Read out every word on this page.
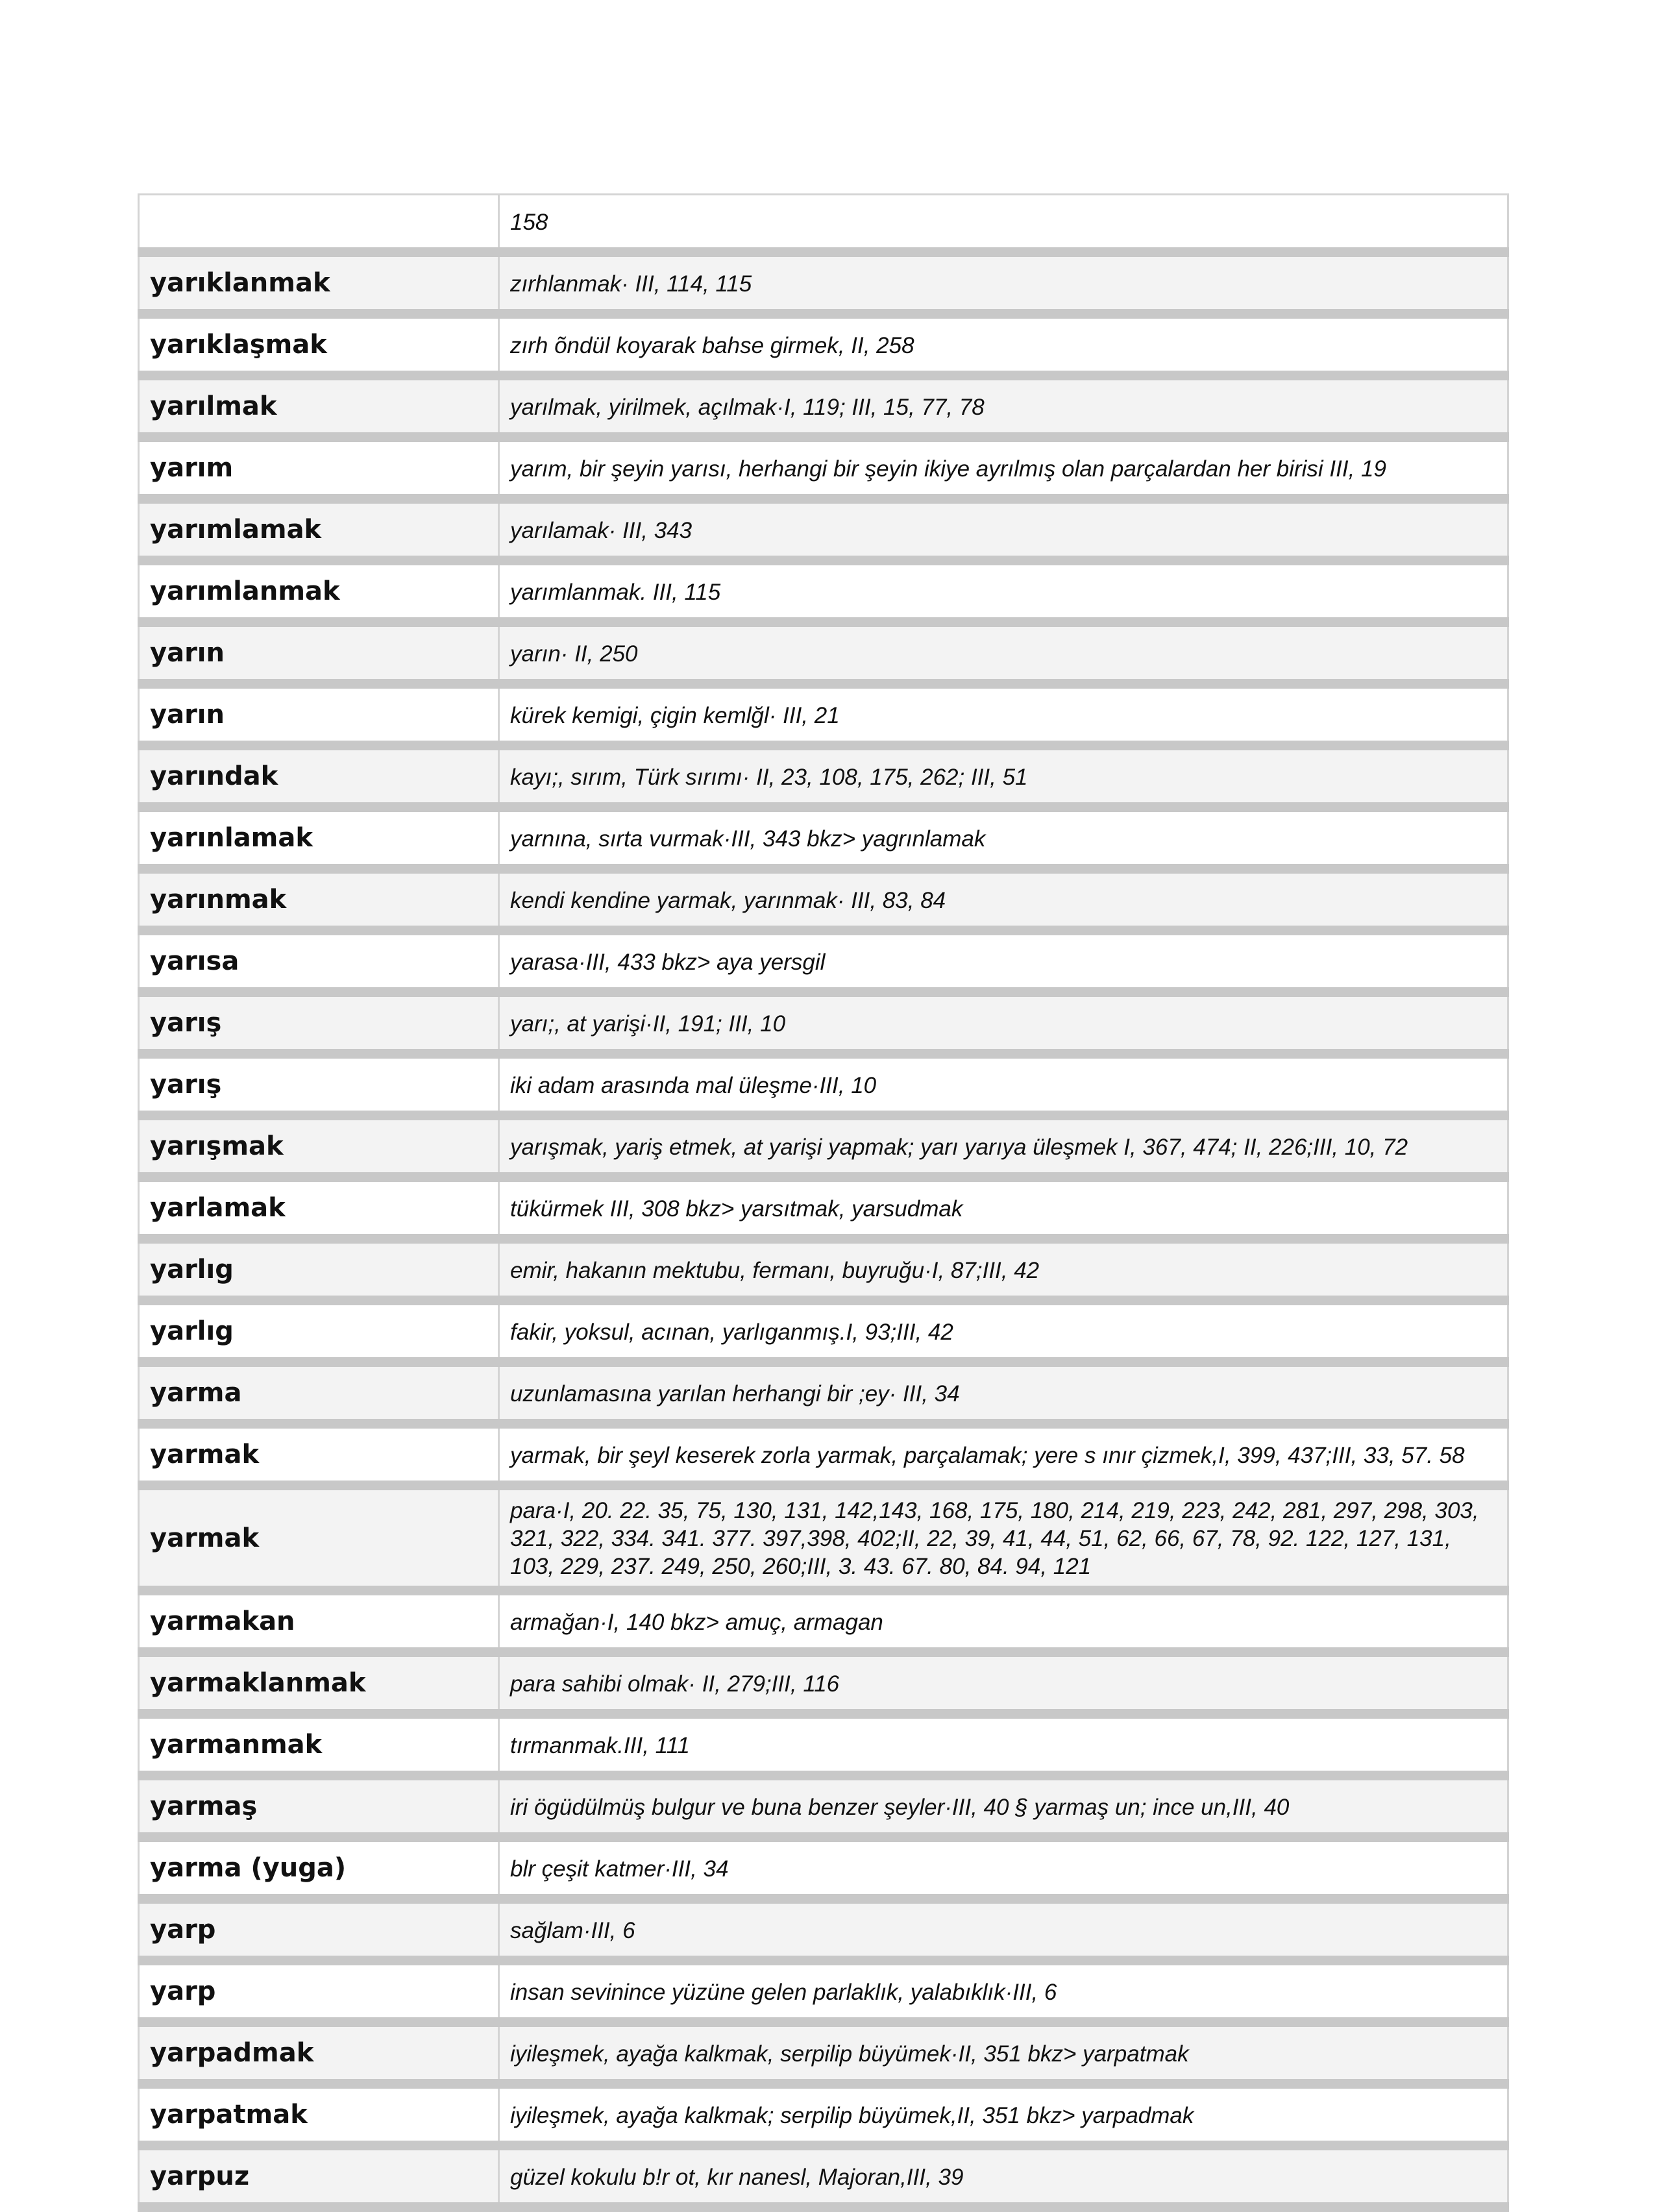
	158
yarıklanmak	zırhlanmak· III, 114, 115
yarıklaşmak	zırh õndül koyarak bahse girmek, II, 258
yarılmak	yarılmak, yirilmek, açılmak·I, 119; III, 15, 77, 78
yarım	yarım, bir şeyin yarısı, herhangi bir şeyin ikiye ayrılmış olan parçalardan her birisi III, 19
yarımlamak	yarılamak· III, 343
yarımlanmak	yarımlanmak. III, 115
yarın	yarın· II, 250
yarın	kürek kemigi, çigin kemlğl· III, 21
yarındak	kayı;, sırım, Türk sırımı· II, 23, 108, 175, 262; III, 51
yarınlamak	yarnına, sırta vurmak·III, 343 bkz> yagrınlamak
yarınmak	kendi kendine yarmak, yarınmak· III, 83, 84
yarısa	yarasa·III, 433 bkz> aya yersgil
yarış	yarı;, at yarişi·II, 191; III, 10
yarış	iki adam arasında mal üleşme·III, 10
yarışmak	yarışmak, yariş etmek, at yarişi yapmak; yarı yarıya üleşmek I, 367, 474; II, 226;III, 10, 72
yarlamak	tükürmek III, 308 bkz> yarsıtmak, yarsudmak
yarlıg	emir, hakanın mektubu, fermanı, buyruğu·I, 87;III, 42
yarlıg	fakir, yoksul, acınan, yarlıganmış.I, 93;III, 42
yarma	uzunlamasına yarılan herhangi bir ;ey· III, 34
yarmak	yarmak, bir şeyl keserek zorla yarmak, parçalamak; yere s ınır çizmek,I, 399, 437;III, 33, 57. 58
yarmak	para·I, 20. 22. 35, 75, 130, 131, 142,143, 168, 175, 180, 214, 219, 223, 242, 281, 297, 298, 303, 321, 322, 334. 341. 377. 397,398, 402;II, 22, 39, 41, 44, 51, 62, 66, 67, 78, 92. 122, 127, 131, 103, 229, 237. 249, 250, 260;III, 3. 43. 67. 80, 84. 94, 121
yarmakan	armağan·I, 140 bkz> amuç, armagan
yarmaklanmak	para sahibi olmak· II, 279;III, 116
yarmanmak	tırmanmak.III, 111
yarmaş	iri ögüdülmüş bulgur ve buna benzer şeyler·III, 40 § yarmaş un; ince un,III, 40
yarma (yuga)	blr çeşit katmer·III, 34
yarp	sağlam·III, 6
yarp	insan sevinince yüzüne gelen parlaklık, yalabıklık·III, 6
yarpadmak	iyileşmek, ayağa kalkmak, serpilip büyümek·II, 351 bkz> yarpatmak
yarpatmak	iyileşmek, ayağa kalkmak; serpilip büyümek,II, 351 bkz> yarpadmak
yarpuz	güzel kokulu b!r ot, kır nanesl, Majoran,III, 39
